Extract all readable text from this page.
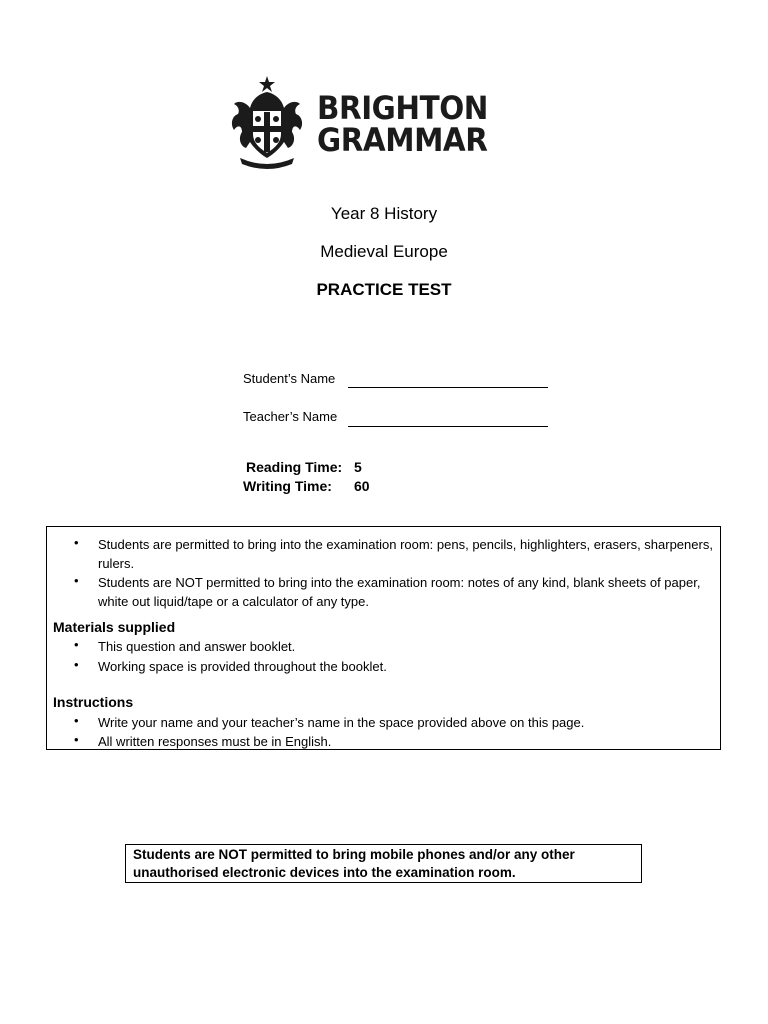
BRIGHTON
GRAMMAR
Year 8 History
Medieval Europe
PRACTICE TEST
Student’s Name
Teacher’s Name
Reading Time: 5
Writing Time: 60
• Students are permitted to bring into the examination room: pens, pencils, highlighters, erasers, sharpeners, rulers.
• Students are NOT permitted to bring into the examination room: notes of any kind, blank sheets of paper, white out liquid/tape or a calculator of any type.
Materials supplied
• This question and answer booklet.
• Working space is provided throughout the booklet.
Instructions
• Write your name and your teacher’s name in the space provided above on this page.
• All written responses must be in English.
Students are NOT permitted to bring mobile phones and/or any other unauthorised electronic devices into the examination room.
